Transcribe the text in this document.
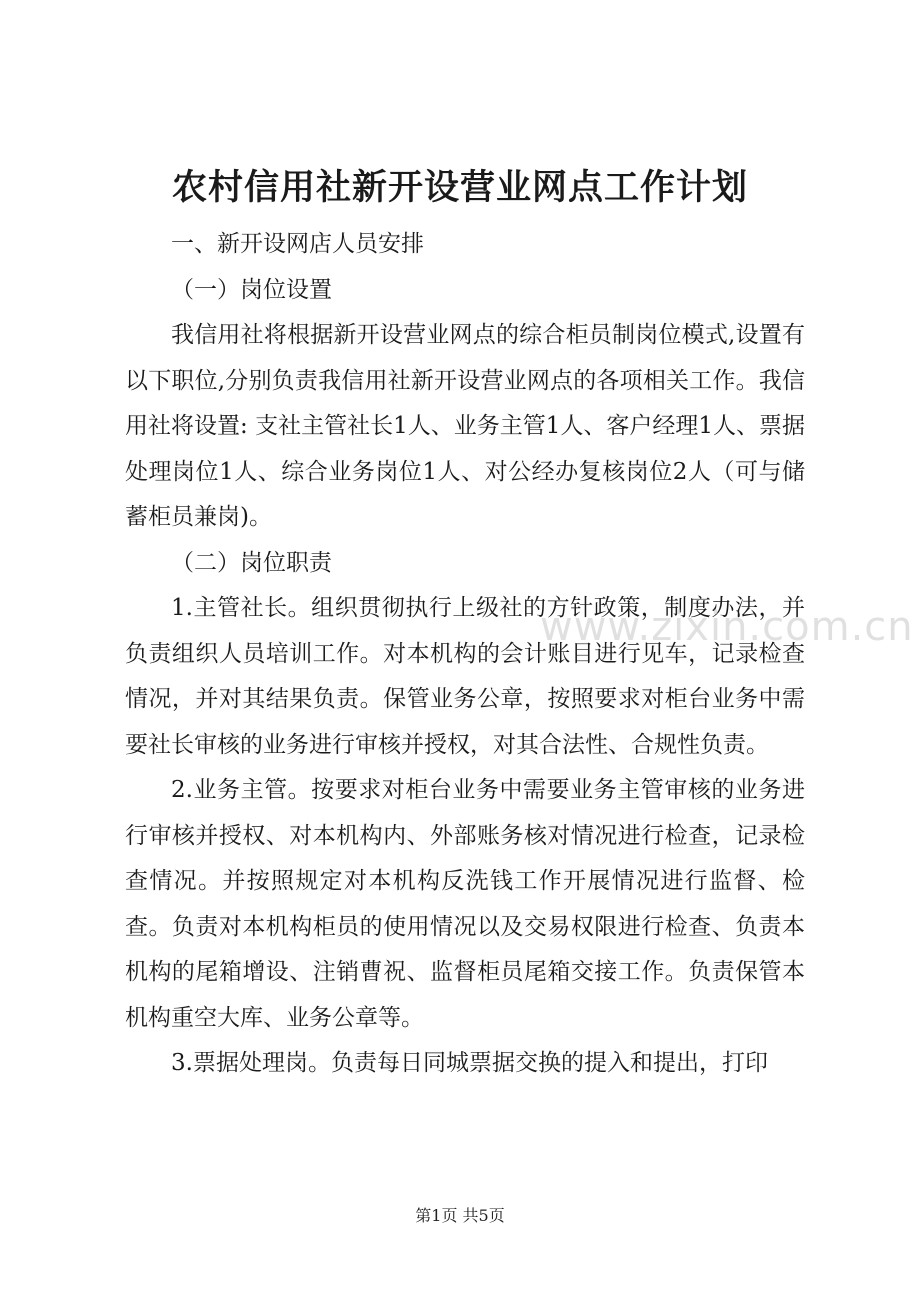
农村信用社新开设营业网点工作计划

一、新开设网店人员安排

（一）岗位设置

我信用社将根据新开设营业网点的综合柜员制岗位模式,设置有以下职位,分别负责我信用社新开设营业网点的各项相关工作。我信用社将设置: 支社主管社长1人、业务主管1人、客户经理1人、票据处理岗位1人、综合业务岗位1人、对公经办复核岗位2人（可与储蓄柜员兼岗)。

（二）岗位职责

1.主管社长。组织贯彻执行上级社的方针政策，制度办法，并负责组织人员培训工作。对本机构的会计账目进行见车，记录检查情况，并对其结果负责。保管业务公章，按照要求对柜台业务中需要社长审核的业务进行审核并授权，对其合法性、合规性负责。

2.业务主管。按要求对柜台业务中需要业务主管审核的业务进行审核并授权、对本机构内、外部账务核对情况进行检查，记录检查情况。并按照规定对本机构反洗钱工作开展情况进行监督、检查。负责对本机构柜员的使用情况以及交易权限进行检查、负责本机构的尾箱增设、注销曹祝、监督柜员尾箱交接工作。负责保管本机构重空大库、业务公章等。

3.票据处理岗。负责每日同城票据交换的提入和提出，打印

www.zixin.com.cn
第1页 共5页
